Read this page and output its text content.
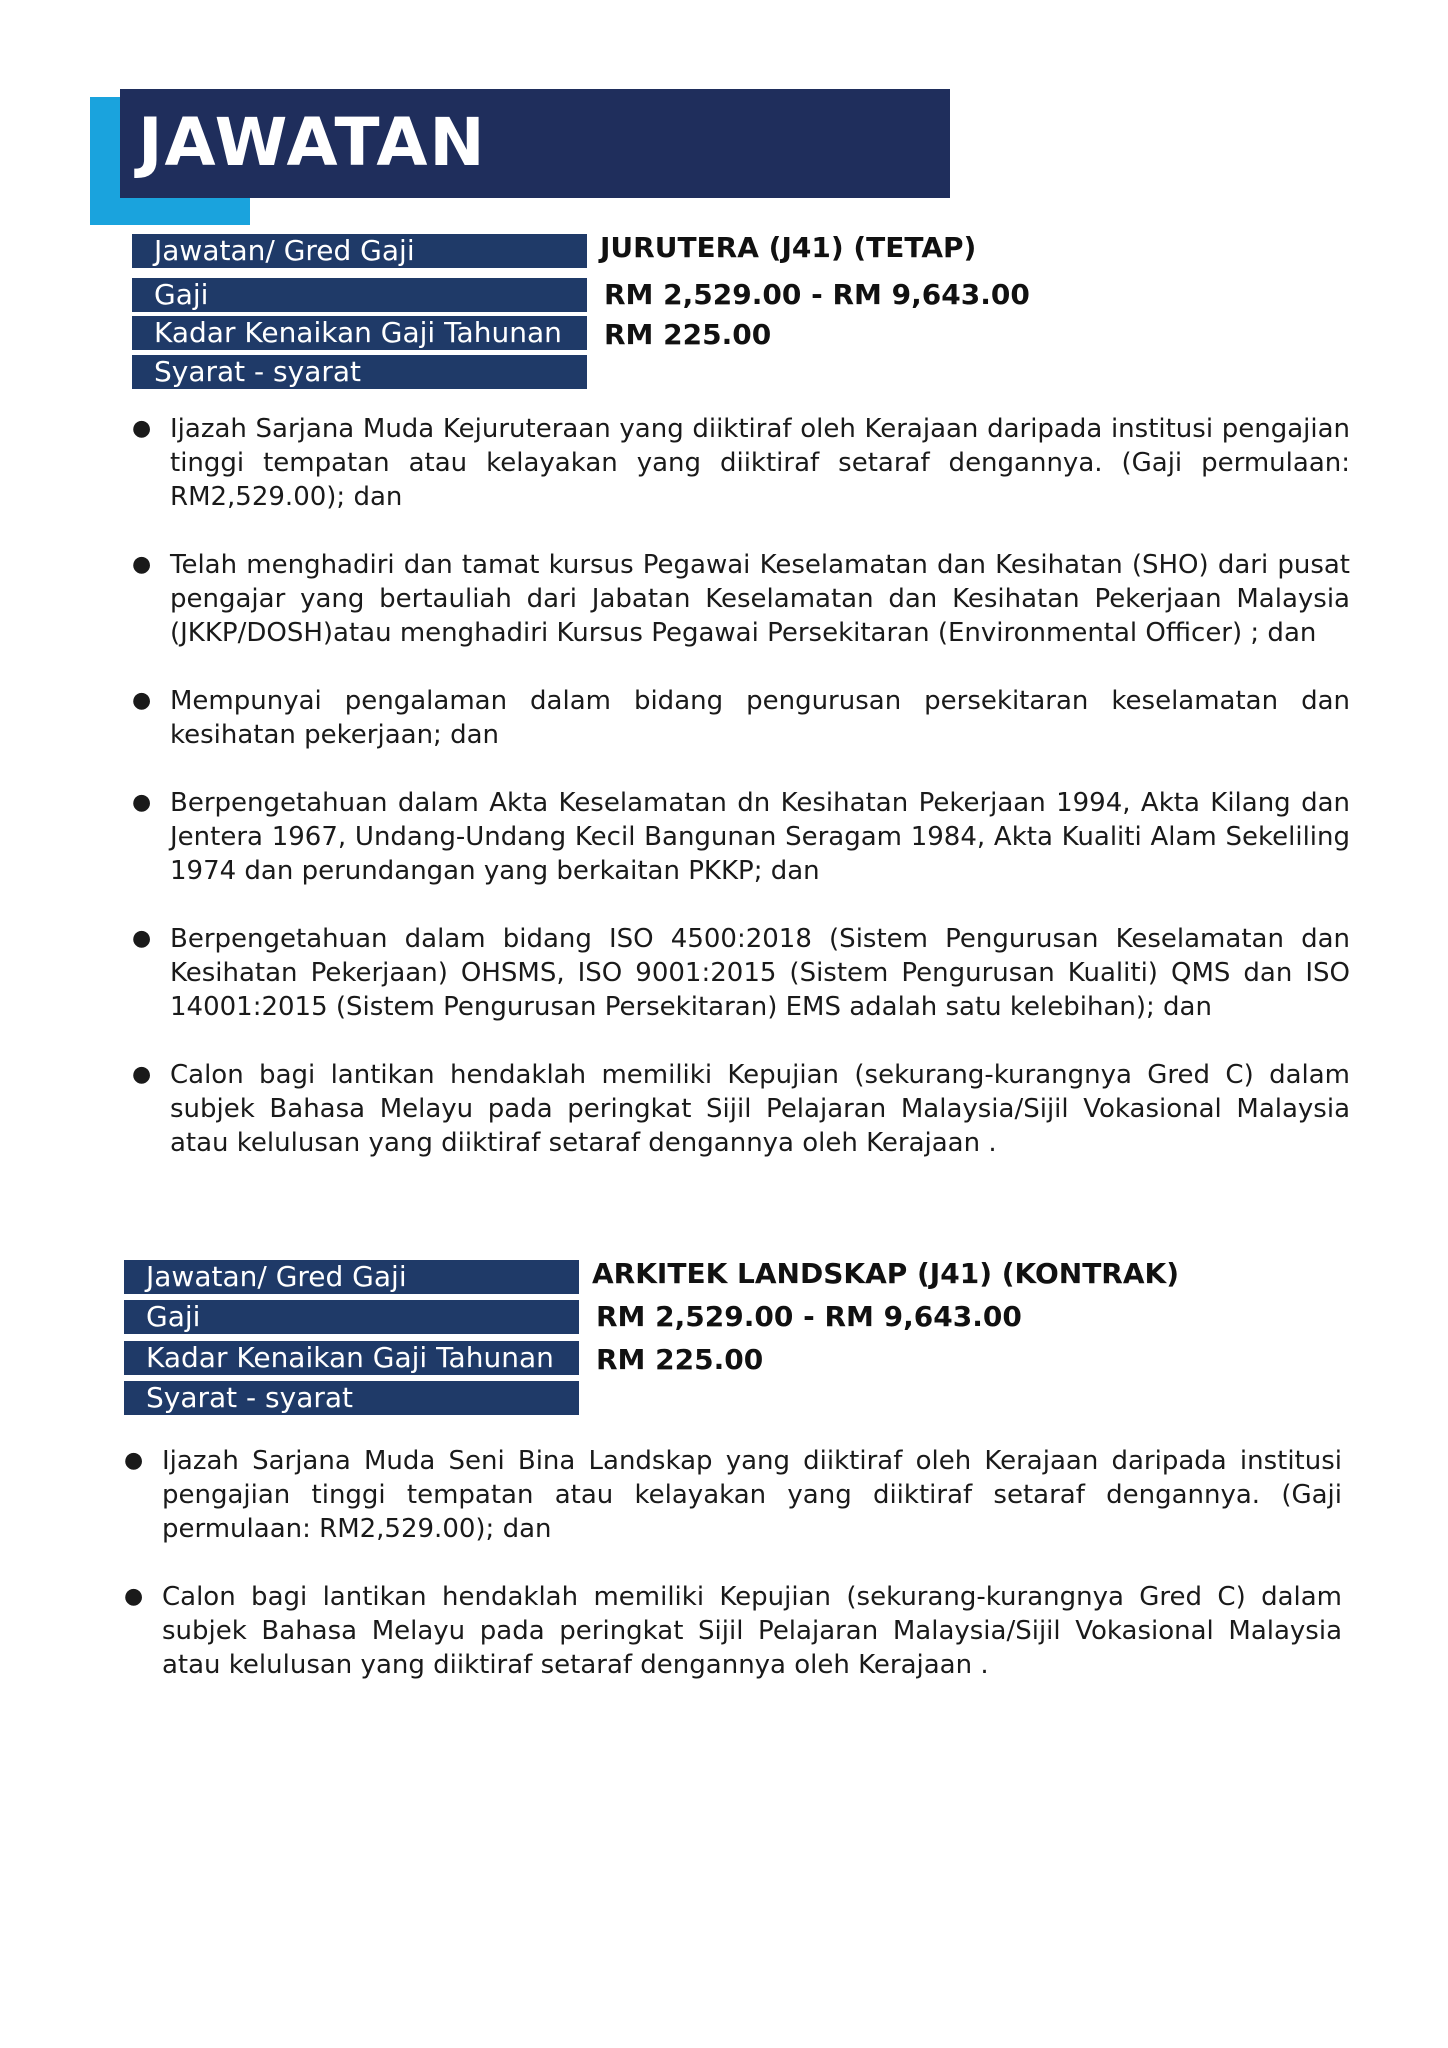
JAWATAN
Jawatan/ Gred Gaji
Gaji
Kadar Kenaikan Gaji Tahunan
Syarat - syarat
JURUTERA (J41) (TETAP)
RM 2,529.00 - RM 9,643.00
RM 225.00
● Ijazah Sarjana Muda Kejuruteraan yang diiktiraf oleh Kerajaan daripada institusi pengajian tinggi tempatan atau kelayakan yang diiktiraf setaraf dengannya. (Gaji permulaan: RM2,529.00); dan
● Telah menghadiri dan tamat kursus Pegawai Keselamatan dan Kesihatan (SHO) dari pusat pengajar yang bertauliah dari Jabatan Keselamatan dan Kesihatan Pekerjaan Malaysia (JKKP/DOSH)atau menghadiri Kursus Pegawai Persekitaran (Environmental Officer) ; dan
● Mempunyai pengalaman dalam bidang pengurusan persekitaran keselamatan dan kesihatan pekerjaan; dan
● Berpengetahuan dalam Akta Keselamatan dn Kesihatan Pekerjaan 1994, Akta Kilang dan Jentera 1967, Undang-Undang Kecil Bangunan Seragam 1984, Akta Kualiti Alam Sekeliling 1974 dan perundangan yang berkaitan PKKP; dan
● Berpengetahuan dalam bidang ISO 4500:2018 (Sistem Pengurusan Keselamatan dan Kesihatan Pekerjaan) OHSMS, ISO 9001:2015 (Sistem Pengurusan Kualiti) QMS dan ISO 14001:2015 (Sistem Pengurusan Persekitaran) EMS adalah satu kelebihan); dan
● Calon bagi lantikan hendaklah memiliki Kepujian (sekurang-kurangnya Gred C) dalam subjek Bahasa Melayu pada peringkat Sijil Pelajaran Malaysia/Sijil Vokasional Malaysia atau kelulusan yang diiktiraf setaraf dengannya oleh Kerajaan .
Jawatan/ Gred Gaji
Gaji
Kadar Kenaikan Gaji Tahunan
Syarat - syarat
ARKITEK LANDSKAP (J41) (KONTRAK)
RM 2,529.00 - RM 9,643.00
RM 225.00
● Ijazah Sarjana Muda Seni Bina Landskap yang diiktiraf oleh Kerajaan daripada institusi pengajian tinggi tempatan atau kelayakan yang diiktiraf setaraf dengannya. (Gaji permulaan: RM2,529.00); dan
● Calon bagi lantikan hendaklah memiliki Kepujian (sekurang-kurangnya Gred C) dalam subjek Bahasa Melayu pada peringkat Sijil Pelajaran Malaysia/Sijil Vokasional Malaysia atau kelulusan yang diiktiraf setaraf dengannya oleh Kerajaan .
